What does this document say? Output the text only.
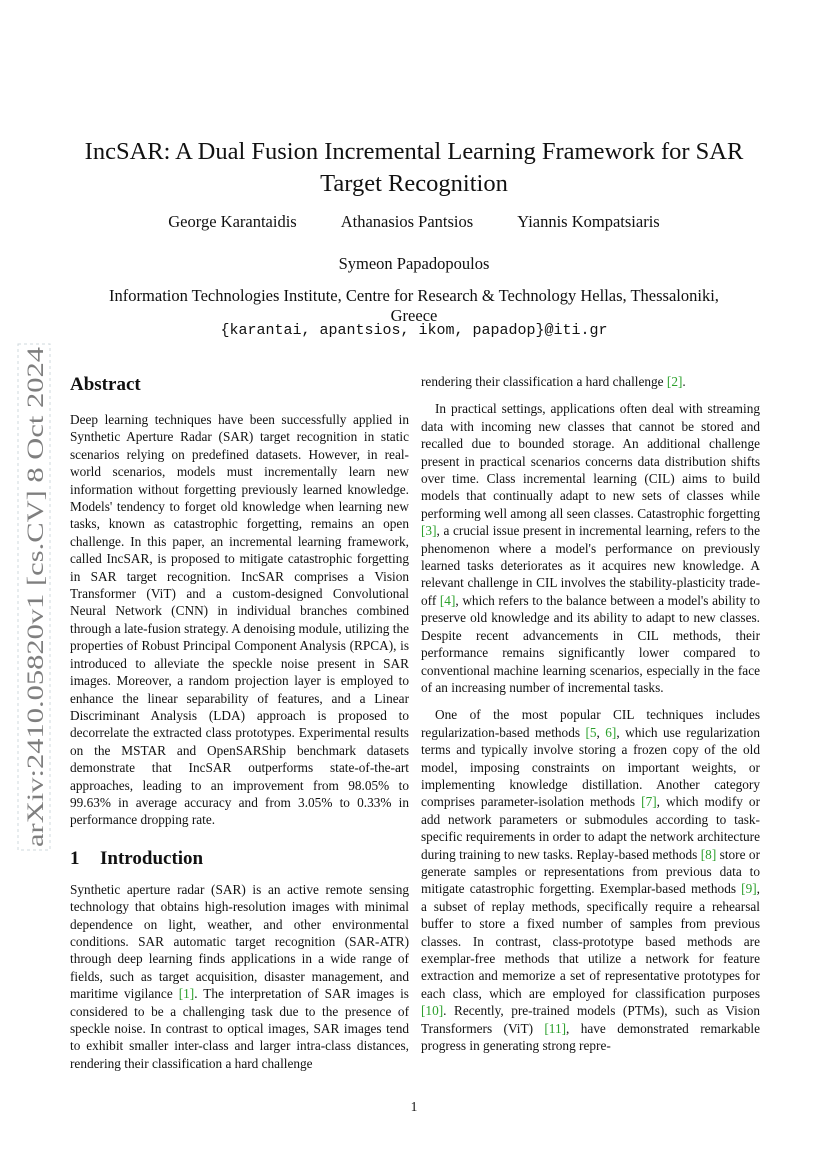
arXiv:2410.05820v1 [cs.CV] 8 Oct 2024
IncSAR: A Dual Fusion Incremental Learning Framework for SAR
Target Recognition
George Karantaidis	Athanasios Pantsios	Yiannis Kompatsiaris
Symeon Papadopoulos
Information Technologies Institute, Centre for Research & Technology Hellas, Thessaloniki,
Greece
{karantai, apantsios, ikom, papadop}@iti.gr
Abstract

Deep learning techniques have been successfully applied in Synthetic Aperture Radar (SAR) target recognition in static scenarios relying on predefined datasets. However, in real-world scenarios, models must incrementally learn new information without forgetting previously learned knowledge. Models' tendency to forget old knowledge when learning new tasks, known as catastrophic forgetting, remains an open challenge. In this paper, an incremental learning framework, called IncSAR, is proposed to mitigate catastrophic forgetting in SAR target recognition. IncSAR comprises a Vision Transformer (ViT) and a custom-designed Convolutional Neural Network (CNN) in individual branches combined through a late-fusion strategy. A denoising module, utilizing the properties of Robust Principal Component Analysis (RPCA), is introduced to alleviate the speckle noise present in SAR images. Moreover, a random projection layer is employed to enhance the linear separability of features, and a Linear Discriminant Analysis (LDA) approach is proposed to decorrelate the extracted class prototypes. Experimental results on the MSTAR and OpenSARShip benchmark datasets demonstrate that IncSAR outperforms state-of-the-art approaches, leading to an improvement from 98.05% to 99.63% in average accuracy and from 3.05% to 0.33% in performance dropping rate.

1 Introduction

Synthetic aperture radar (SAR) is an active remote sensing technology that obtains high-resolution images with minimal dependence on light, weather, and other environmental conditions. SAR automatic target recognition (SAR-ATR) through deep learning finds applications in a wide range of fields, such as target acquisition, disaster management, and maritime vigilance [1]. The interpretation of SAR images is considered to be a challenging task due to the presence of speckle noise. In contrast to optical images, SAR images tend to exhibit smaller inter-class and larger intra-class distances, rendering their classification a hard challenge

rendering their classification a hard challenge [2].

In practical settings, applications often deal with streaming data with incoming new classes that cannot be stored and recalled due to bounded storage. An additional challenge present in practical scenarios concerns data distribution shifts over time. Class incremental learning (CIL) aims to build models that continually adapt to new sets of classes while performing well among all seen classes. Catastrophic forgetting [3], a crucial issue present in incremental learning, refers to the phenomenon where a model's performance on previously learned tasks deteriorates as it acquires new knowledge. A relevant challenge in CIL involves the stability-plasticity trade-off [4], which refers to the balance between a model's ability to preserve old knowledge and its ability to adapt to new classes. Despite recent advancements in CIL methods, their performance remains significantly lower compared to conventional machine learning scenarios, especially in the face of an increasing number of incremental tasks.

One of the most popular CIL techniques includes regularization-based methods [5, 6], which use regularization terms and typically involve storing a frozen copy of the old model, imposing constraints on important weights, or implementing knowledge distillation. Another category comprises parameter-isolation methods [7], which modify or add network parameters or submodules according to task-specific requirements in order to adapt the network architecture during training to new tasks. Replay-based methods [8] store or generate samples or representations from previous data to mitigate catastrophic forgetting. Exemplar-based methods [9], a subset of replay methods, specifically require a rehearsal buffer to store a fixed number of samples from previous classes. In contrast, class-prototype based methods are exemplar-free methods that utilize a network for feature extraction and memorize a set of representative prototypes for each class, which are employed for classification purposes [10]. Recently, pre-trained models (PTMs), such as Vision Transformers (ViT) [11], have demonstrated remarkable progress in generating strong repre-

1
